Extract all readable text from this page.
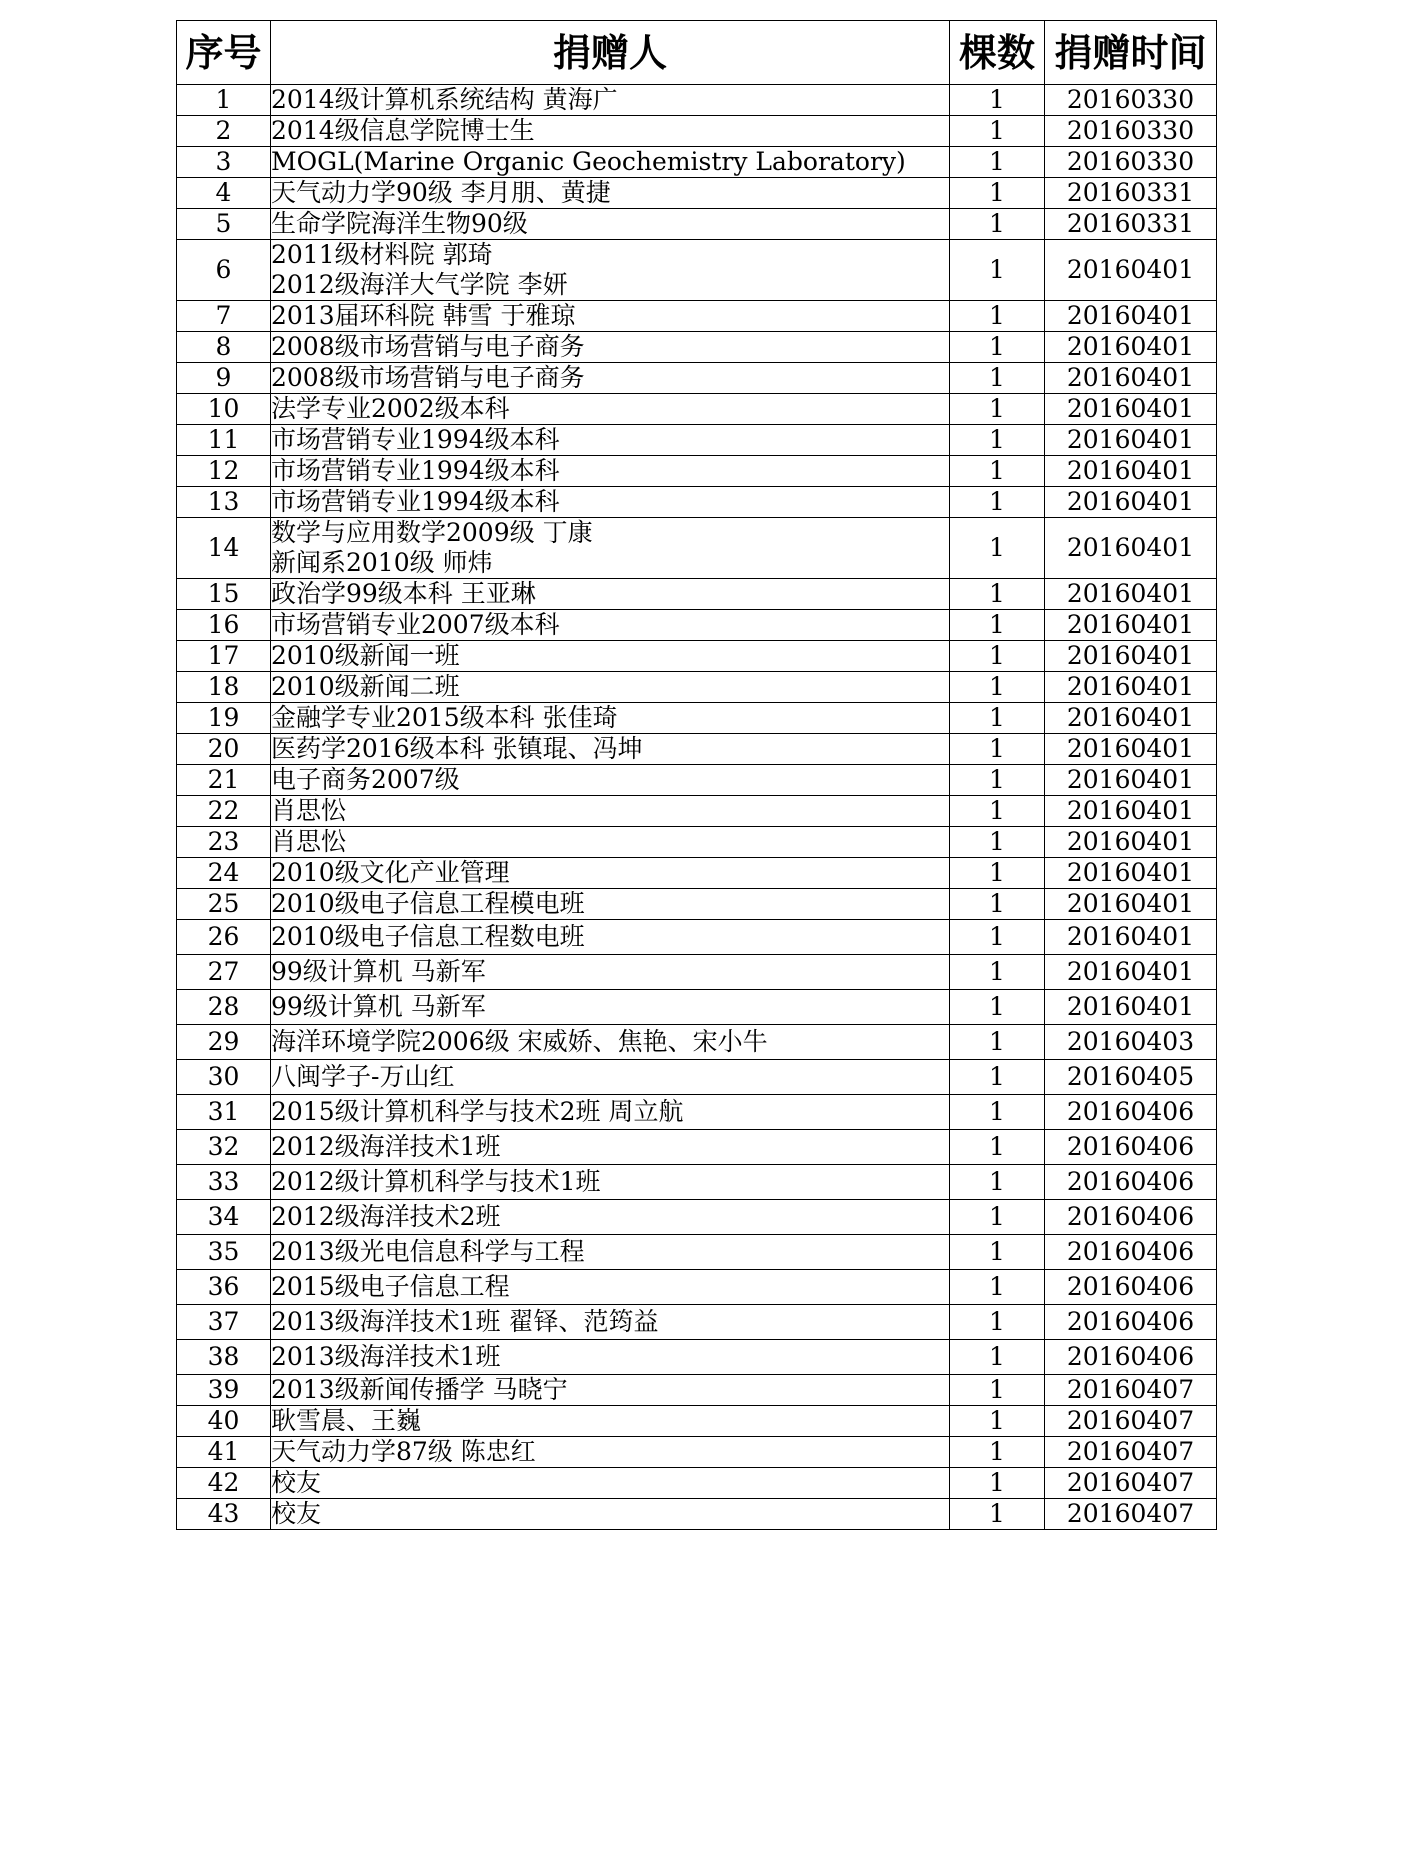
序号	捐赠人	棵数	捐赠时间
1	2014级计算机系统结构 黄海广	1	20160330
2	2014级信息学院博士生	1	20160330
3	MOGL(Marine Organic Geochemistry Laboratory)	1	20160330
4	天气动力学90级 李月朋、黄捷	1	20160331
5	生命学院海洋生物90级	1	20160331
6	2011级材料院 郭琦
2012级海洋大气学院 李妍	1	20160401
7	2013届环科院 韩雪 于雅琼	1	20160401
8	2008级市场营销与电子商务	1	20160401
9	2008级市场营销与电子商务	1	20160401
10	法学专业2002级本科	1	20160401
11	市场营销专业1994级本科	1	20160401
12	市场营销专业1994级本科	1	20160401
13	市场营销专业1994级本科	1	20160401
14	数学与应用数学2009级 丁康
新闻系2010级 师炜	1	20160401
15	政治学99级本科 王亚琳	1	20160401
16	市场营销专业2007级本科	1	20160401
17	2010级新闻一班	1	20160401
18	2010级新闻二班	1	20160401
19	金融学专业2015级本科 张佳琦	1	20160401
20	医药学2016级本科 张镇琨、冯坤	1	20160401
21	电子商务2007级	1	20160401
22	肖思忪	1	20160401
23	肖思忪	1	20160401
24	2010级文化产业管理	1	20160401
25	2010级电子信息工程模电班	1	20160401
26	2010级电子信息工程数电班	1	20160401
27	99级计算机 马新军	1	20160401
28	99级计算机 马新军	1	20160401
29	海洋环境学院2006级 宋威娇、焦艳、宋小牛	1	20160403
30	八闽学子-万山红	1	20160405
31	2015级计算机科学与技术2班 周立航	1	20160406
32	2012级海洋技术1班	1	20160406
33	2012级计算机科学与技术1班	1	20160406
34	2012级海洋技术2班	1	20160406
35	2013级光电信息科学与工程	1	20160406
36	2015级电子信息工程	1	20160406
37	2013级海洋技术1班 翟铎、范筠益	1	20160406
38	2013级海洋技术1班	1	20160406
39	2013级新闻传播学 马晓宁	1	20160407
40	耿雪晨、王巍	1	20160407
41	天气动力学87级 陈忠红	1	20160407
42	校友	1	20160407
43	校友	1	20160407
